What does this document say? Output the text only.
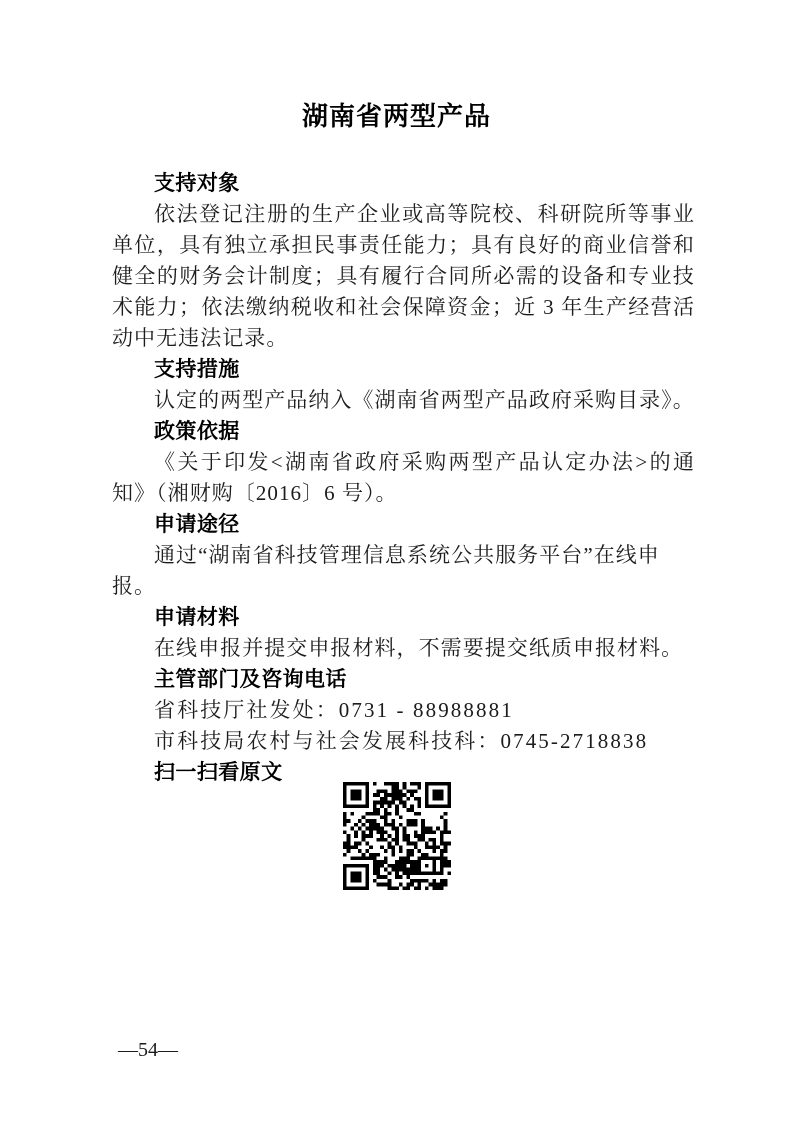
湖南省两型产品
支持对象

依法登记注册的生产企业或高等院校、科研院所等事业单位，具有独立承担民事责任能力；具有良好的商业信誉和健全的财务会计制度；具有履行合同所必需的设备和专业技术能力；依法缴纳税收和社会保障资金；近 3 年生产经营活动中无违法记录。

支持措施

认定的两型产品纳入《湖南省两型产品政府采购目录》。

政策依据

《关于印发<湖南省政府采购两型产品认定办法>的通知》（湘财购〔2016〕6 号）。

申请途径

通过“湖南省科技管理信息系统公共服务平台”在线申报。

申请材料

在线申报并提交申报材料，不需要提交纸质申报材料。

主管部门及咨询电话

省科技厅社发处：0731 - 88988881

市科技局农村与社会发展科技科：0745-2718838

扫一扫看原文
—54—
